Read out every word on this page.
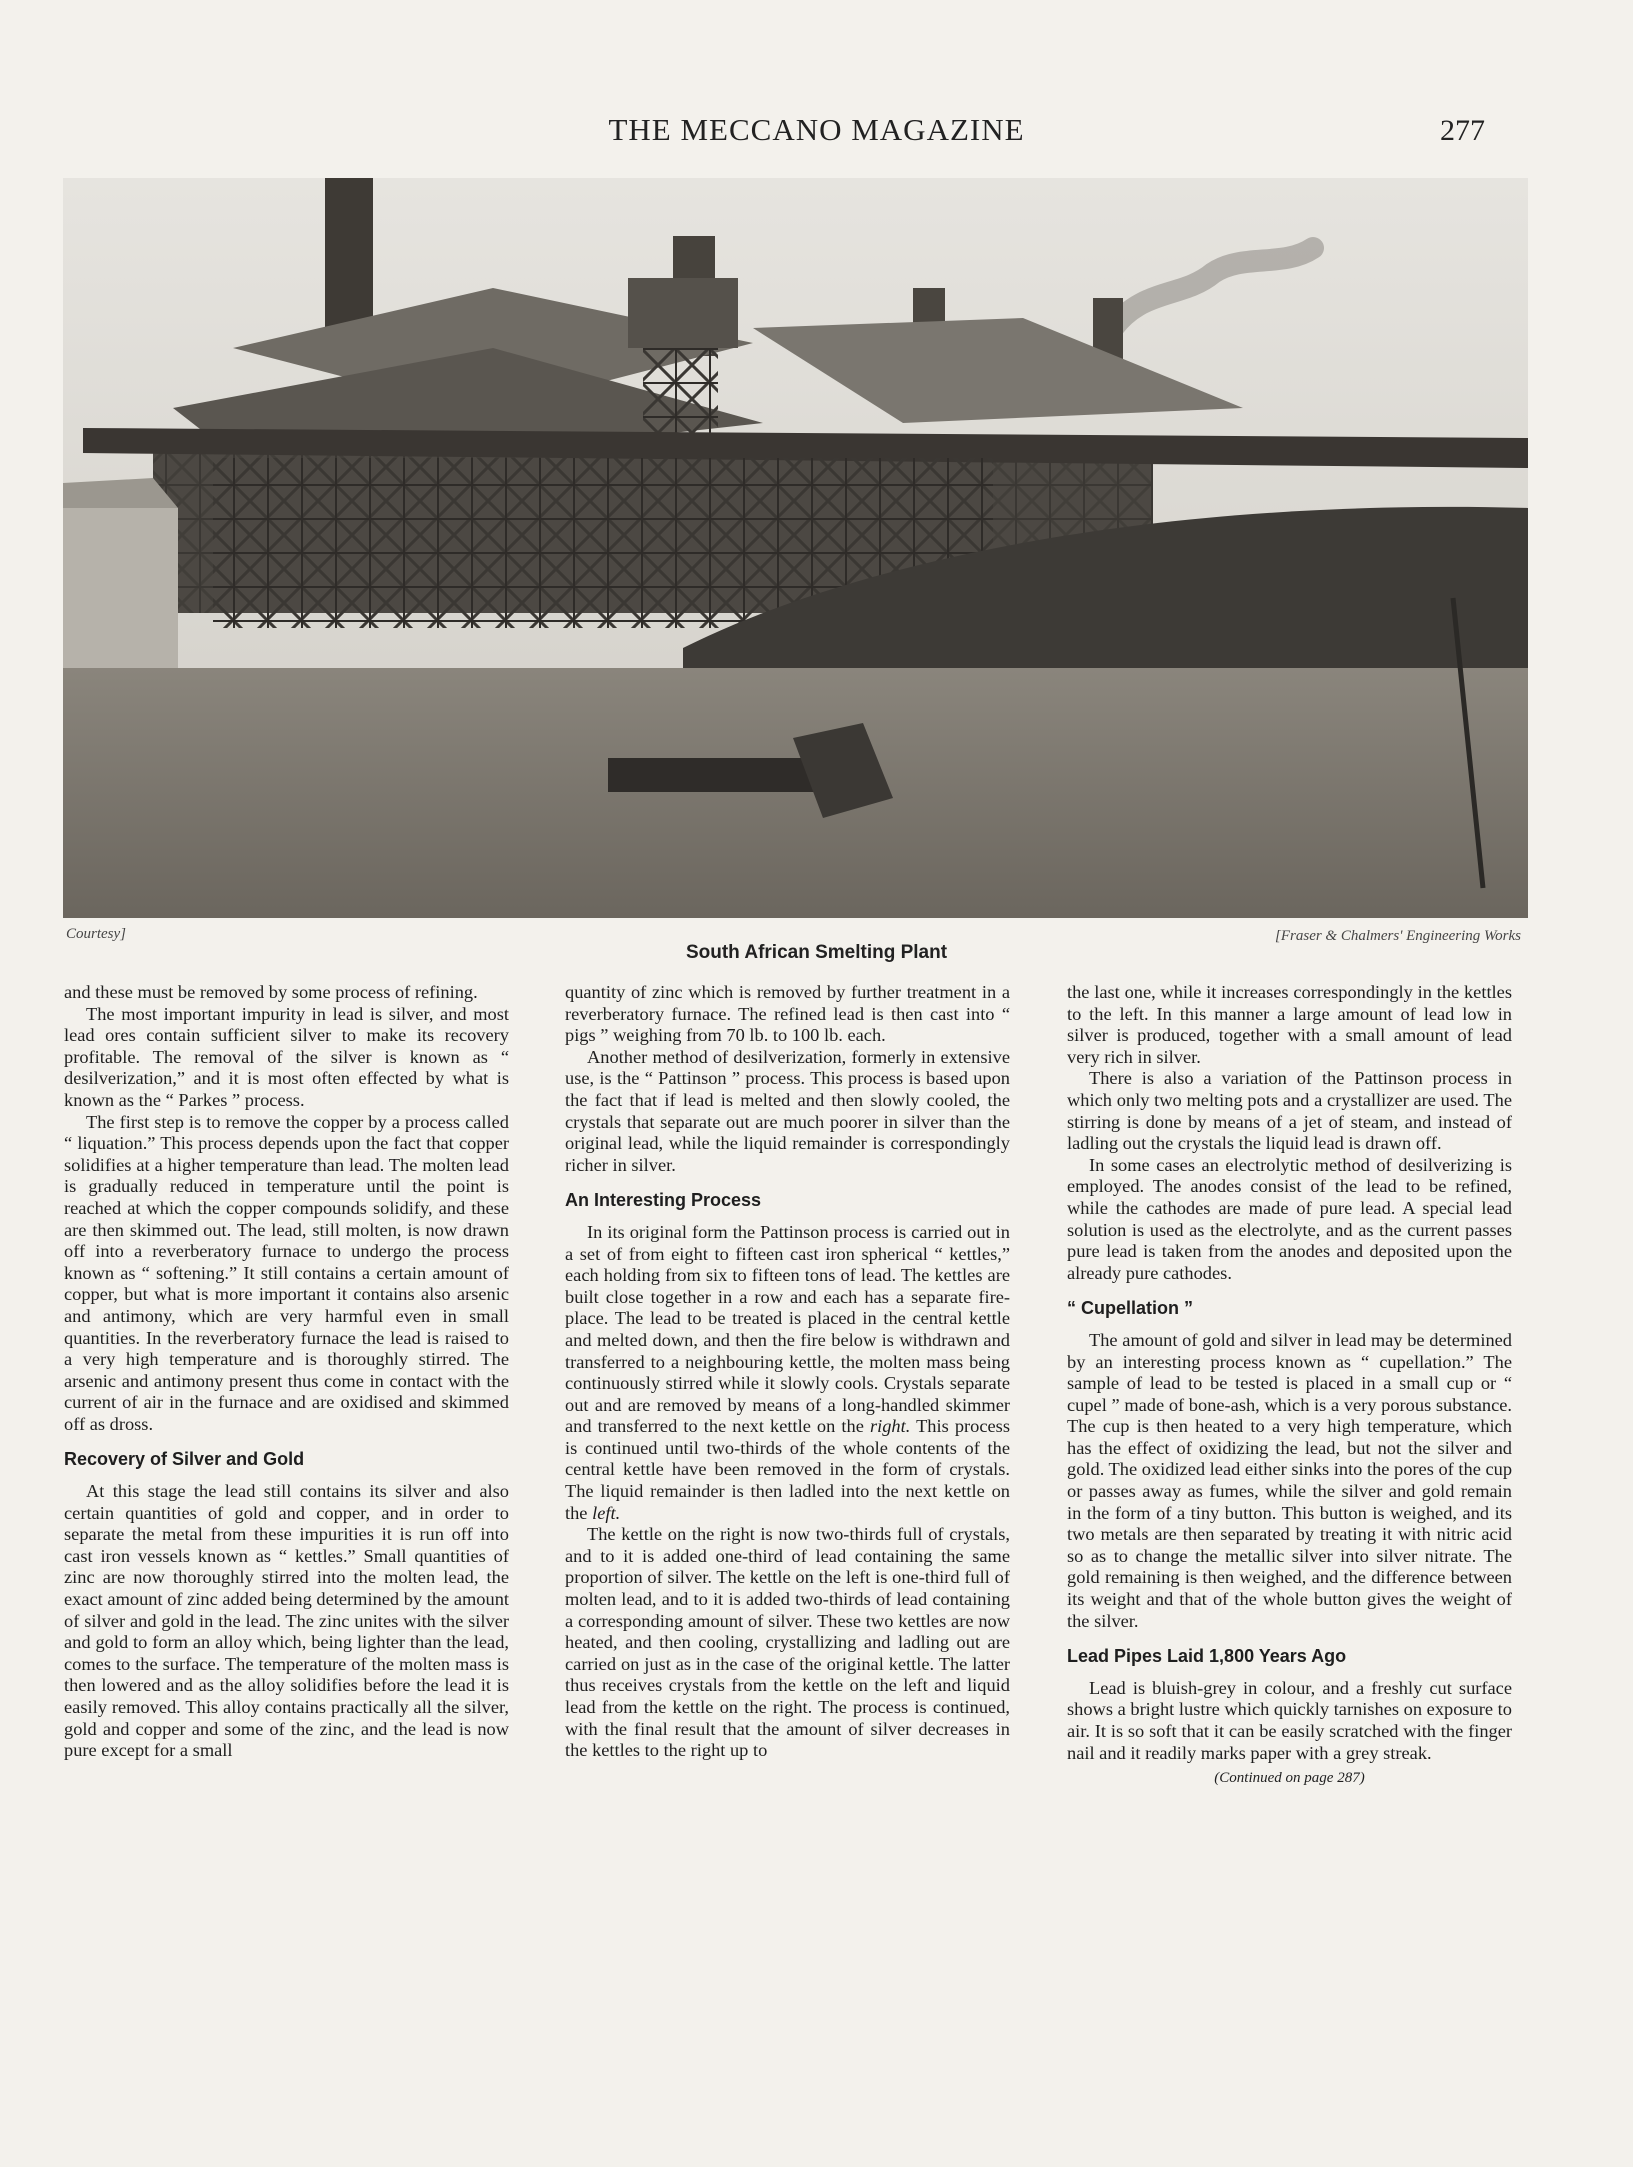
THE MECCANO MAGAZINE	277
Courtesy]	[Fraser & Chalmers' Engineering Works
South African Smelting Plant

and these must be removed by some process of refining.

The most important impurity in lead is silver, and most lead ores contain sufficient silver to make its recovery profitable. The removal of the silver is known as “ desilverization,” and it is most often effected by what is known as the “ Parkes ” process.

The first step is to remove the copper by a process called “ liquation.” This process depends upon the fact that copper solidifies at a higher temperature than lead. The molten lead is gradually reduced in temperature until the point is reached at which the copper compounds solidify, and these are then skimmed out. The lead, still molten, is now drawn off into a reverberatory furnace to undergo the process known as “ softening.” It still contains a certain amount of copper, but what is more important it contains also arsenic and antimony, which are very harmful even in small quantities. In the reverberatory furnace the lead is raised to a very high temperature and is thoroughly stirred. The arsenic and antimony present thus come in contact with the current of air in the furnace and are oxidised and skimmed off as dross.

Recovery of Silver and Gold

At this stage the lead still contains its silver and also certain quantities of gold and copper, and in order to separate the metal from these impurities it is run off into cast iron vessels known as “ kettles.” Small quantities of zinc are now thoroughly stirred into the molten lead, the exact amount of zinc added being determined by the amount of silver and gold in the lead. The zinc unites with the silver and gold to form an alloy which, being lighter than the lead, comes to the surface. The temperature of the molten mass is then lowered and as the alloy solidifies before the lead it is easily removed. This alloy contains practically all the silver, gold and copper and some of the zinc, and the lead is now pure except for a small

quantity of zinc which is removed by further treatment in a reverberatory furnace. The refined lead is then cast into “ pigs ” weighing from 70 lb. to 100 lb. each.

Another method of desilverization, formerly in extensive use, is the “ Pattinson ” process. This process is based upon the fact that if lead is melted and then slowly cooled, the crystals that separate out are much poorer in silver than the original lead, while the liquid remainder is correspondingly richer in silver.

An Interesting Process

In its original form the Pattinson process is carried out in a set of from eight to fifteen cast iron spherical “ kettles,” each holding from six to fifteen tons of lead. The kettles are built close together in a row and each has a separate fire-place. The lead to be treated is placed in the central kettle and melted down, and then the fire below is withdrawn and transferred to a neighbouring kettle, the molten mass being continuously stirred while it slowly cools. Crystals separate out and are removed by means of a long-handled skimmer and transferred to the next kettle on the right. This process is continued until two-thirds of the whole contents of the central kettle have been removed in the form of crystals. The liquid remainder is then ladled into the next kettle on the left.

The kettle on the right is now two-thirds full of crystals, and to it is added one-third of lead containing the same proportion of silver. The kettle on the left is one-third full of molten lead, and to it is added two-thirds of lead containing a corresponding amount of silver. These two kettles are now heated, and then cooling, crystallizing and ladling out are carried on just as in the case of the original kettle. The latter thus receives crystals from the kettle on the left and liquid lead from the kettle on the right. The process is continued, with the final result that the amount of silver decreases in the kettles to the right up to

the last one, while it increases correspondingly in the kettles to the left. In this manner a large amount of lead low in silver is produced, together with a small amount of lead very rich in silver.

There is also a variation of the Pattinson process in which only two melting pots and a crystallizer are used. The stirring is done by means of a jet of steam, and instead of ladling out the crystals the liquid lead is drawn off.

In some cases an electrolytic method of desilverizing is employed. The anodes consist of the lead to be refined, while the cathodes are made of pure lead. A special lead solution is used as the electrolyte, and as the current passes pure lead is taken from the anodes and deposited upon the already pure cathodes.

“ Cupellation ”

The amount of gold and silver in lead may be determined by an interesting process known as “ cupellation.” The sample of lead to be tested is placed in a small cup or “ cupel ” made of bone-ash, which is a very porous substance. The cup is then heated to a very high temperature, which has the effect of oxidizing the lead, but not the silver and gold. The oxidized lead either sinks into the pores of the cup or passes away as fumes, while the silver and gold remain in the form of a tiny button. This button is weighed, and its two metals are then separated by treating it with nitric acid so as to change the metallic silver into silver nitrate. The gold remaining is then weighed, and the difference between its weight and that of the whole button gives the weight of the silver.

Lead Pipes Laid 1,800 Years Ago

Lead is bluish-grey in colour, and a freshly cut surface shows a bright lustre which quickly tarnishes on exposure to air. It is so soft that it can be easily scratched with the finger nail and it readily marks paper with a grey streak.

(Continued on page 287)
